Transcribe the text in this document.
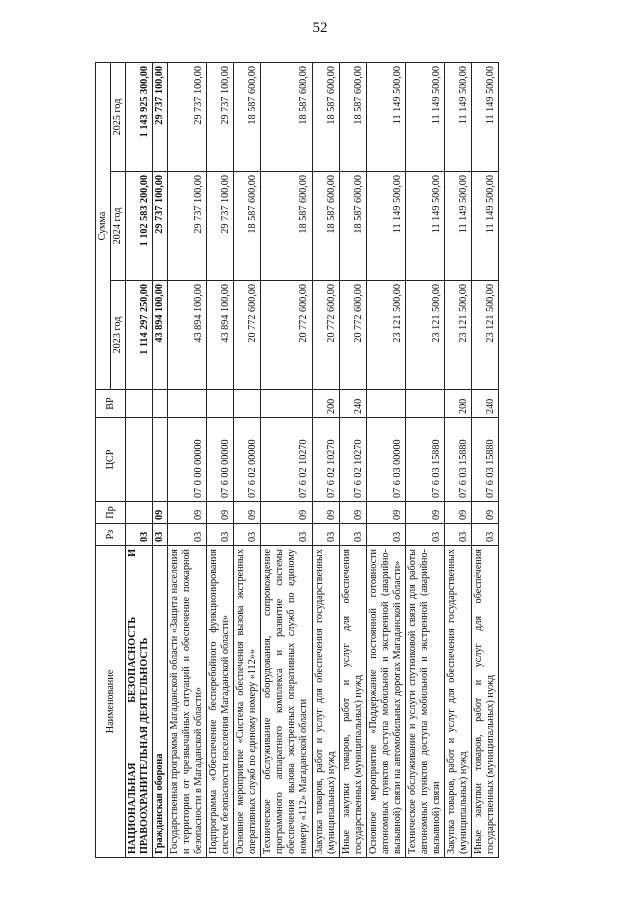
52
Наименование	Рз	Пр	ЦСР	ВР	Сумма		
					2023 год	2024 год	2025 год
НАЦИОНАЛЬНАЯ БЕЗОПАСНОСТЬ И ПРАВООХРАНИТЕЛЬНАЯ ДЕЯТЕЛЬНОСТЬ	03				1 114 297 250,00	1 102 583 200,00	1 143 925 300,00
Гражданская оборона	03	09			43 894 100,00	29 737 100,00	29 737 100,00
Государственная программа Магаданской области «Защита населения и территории от чрезвычайных ситуаций и обеспечение пожарной безопасности в Магаданской области»	03	09	07 0 00 00000		43 894 100,00	29 737 100,00	29 737 100,00
Подпрограмма «Обеспечение бесперебойного функционирования систем безопасности населения Магаданской области»	03	09	07 6 00 00000		43 894 100,00	29 737 100,00	29 737 100,00
Основное мероприятие «Система обеспечения вызова экстренных оперативных служб по единому номеру «112»»	03	09	07 6 02 00000		20 772 600,00	18 587 600,00	18 587 600,00
Техническое обслуживание оборудования, сопровождение программного аппаратного комплекса и развитие системы обеспечения вызова экстренных оперативных служб по единому номеру «112» Магаданской области	03	09	07 6 02 10270		20 772 600,00	18 587 600,00	18 587 600,00
Закупка товаров, работ и услуг для обеспечения государственных (муниципальных) нужд	03	09	07 6 02 10270	200	20 772 600,00	18 587 600,00	18 587 600,00
Иные закупки товаров, работ и услуг для обеспечения государственных (муниципальных) нужд	03	09	07 6 02 10270	240	20 772 600,00	18 587 600,00	18 587 600,00
Основное мероприятие «Поддержание постоянной готовности автономных пунктов доступа мобильной и экстренной (аварийно-вызывной) связи на автомобильных дорогах Магаданской области»	03	09	07 6 03 00000		23 121 500,00	11 149 500,00	11 149 500,00
Техническое обслуживание и услуги спутниковой связи для работы автономных пунктов доступа мобильной и экстренной (аварийно-вызывной) связи	03	09	07 6 03 15880		23 121 500,00	11 149 500,00	11 149 500,00
Закупка товаров, работ и услуг для обеспечения государственных (муниципальных) нужд	03	09	07 6 03 15880	200	23 121 500,00	11 149 500,00	11 149 500,00
Иные закупки товаров, работ и услуг для обеспечения государственных (муниципальных) нужд	03	09	07 6 03 15880	240	23 121 500,00	11 149 500,00	11 149 500,00
